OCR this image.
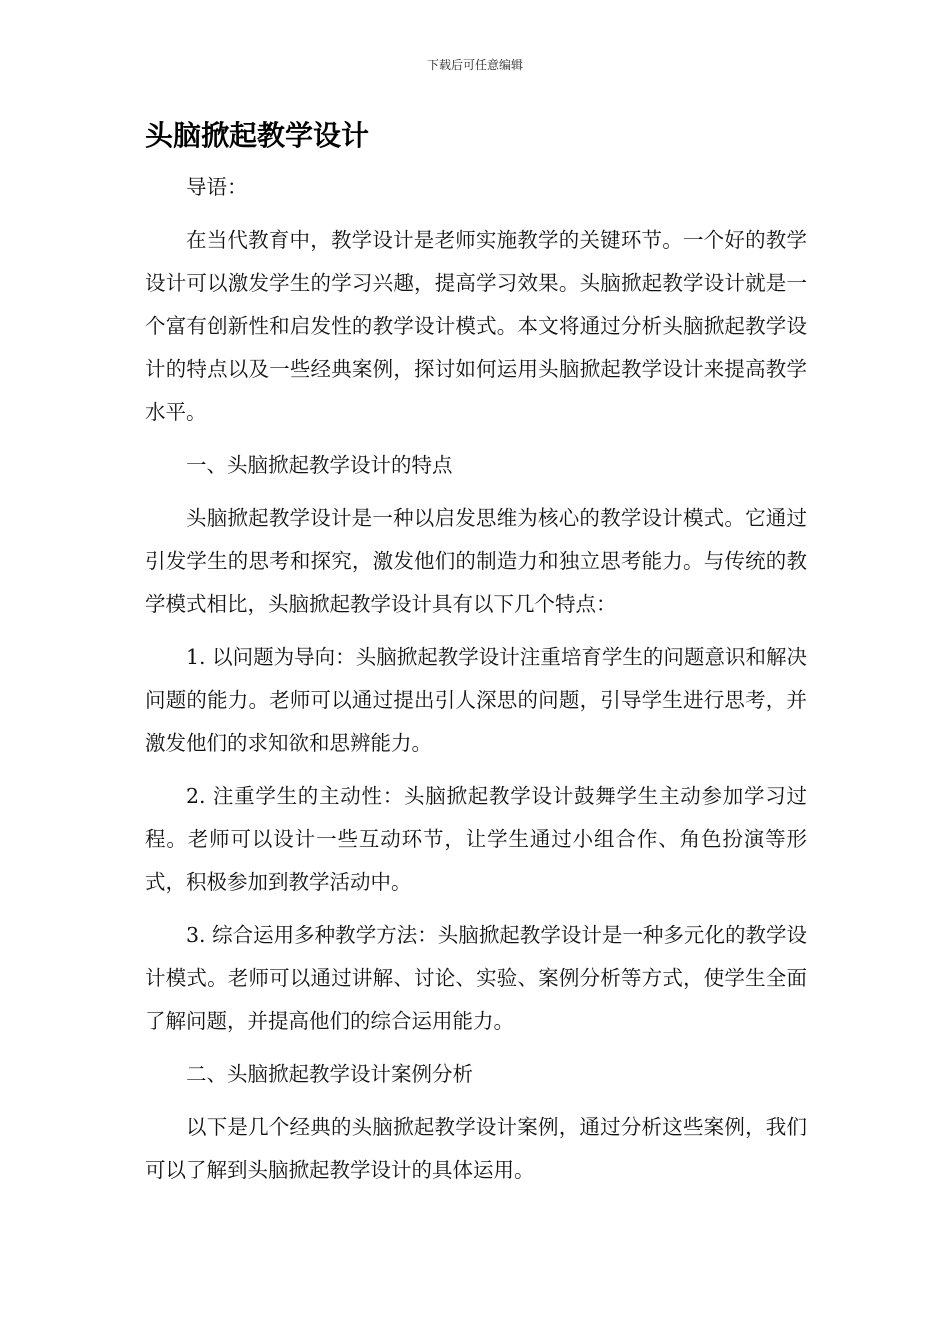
下载后可任意编辑
头脑掀起教学设计

导语：

在当代教育中，教学设计是老师实施教学的关键环节。一个好的教学设计可以激发学生的学习兴趣，提高学习效果。头脑掀起教学设计就是一个富有创新性和启发性的教学设计模式。本文将通过分析头脑掀起教学设计的特点以及一些经典案例，探讨如何运用头脑掀起教学设计来提高教学水平。

一、头脑掀起教学设计的特点

头脑掀起教学设计是一种以启发思维为核心的教学设计模式。它通过引发学生的思考和探究，激发他们的制造力和独立思考能力。与传统的教学模式相比，头脑掀起教学设计具有以下几个特点：

1. 以问题为导向：头脑掀起教学设计注重培育学生的问题意识和解决问题的能力。老师可以通过提出引人深思的问题，引导学生进行思考，并激发他们的求知欲和思辨能力。

2. 注重学生的主动性：头脑掀起教学设计鼓舞学生主动参加学习过程。老师可以设计一些互动环节，让学生通过小组合作、角色扮演等形式，积极参加到教学活动中。

3. 综合运用多种教学方法：头脑掀起教学设计是一种多元化的教学设计模式。老师可以通过讲解、讨论、实验、案例分析等方式，使学生全面了解问题，并提高他们的综合运用能力。

二、头脑掀起教学设计案例分析

以下是几个经典的头脑掀起教学设计案例，通过分析这些案例，我们可以了解到头脑掀起教学设计的具体运用。
